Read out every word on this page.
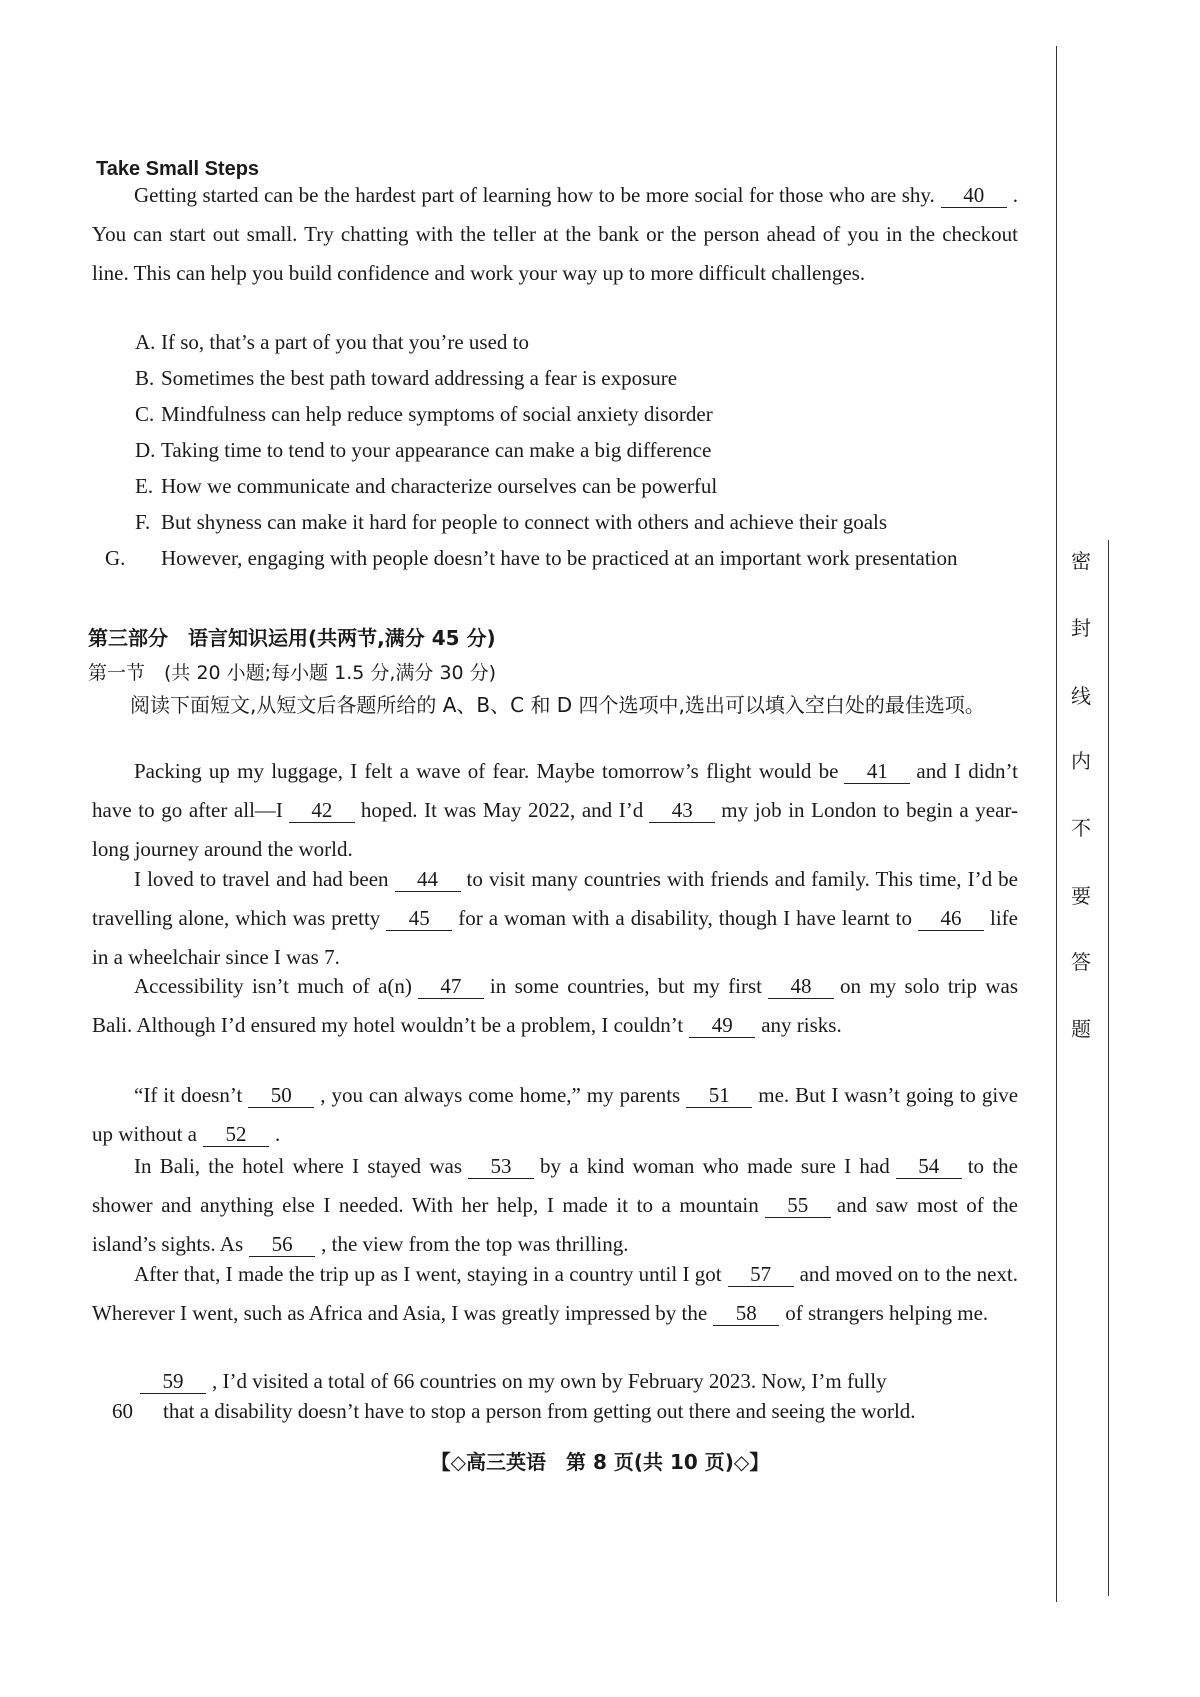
Take Small Steps

Getting started can be the hardest part of learning how to be more social for those who are shy. 40 . You can start out small. Try chatting with the teller at the bank or the person ahead of you in the checkout line. This can help you build confidence and work your way up to more difficult challenges.

A. If so, that’s a part of you that you’re used to

B. Sometimes the best path toward addressing a fear is exposure

C. Mindfulness can help reduce symptoms of social anxiety disorder

D. Taking time to tend to your appearance can make a big difference

E. How we communicate and characterize ourselves can be powerful

F. But shyness can make it hard for people to connect with others and achieve their goals

G. However, engaging with people doesn’t have to be practiced at an important work presentation

第三部分　语言知识运用(共两节,满分 45 分)
第一节　(共 20 小题;每小题 1.5 分,满分 30 分)

阅读下面短文,从短文后各题所给的 A、B、C 和 D 四个选项中,选出可以填入空白处的最佳选项。

Packing up my luggage, I felt a wave of fear. Maybe tomorrow’s flight would be 41 and I didn’t have to go after all—I 42 hoped. It was May 2022, and I’d 43 my job in London to begin a year-long journey around the world.

I loved to travel and had been 44 to visit many countries with friends and family. This time, I’d be travelling alone, which was pretty 45 for a woman with a disability, though I have learnt to 46 life in a wheelchair since I was 7.

Accessibility isn’t much of a(n) 47 in some countries, but my first 48 on my solo trip was Bali. Although I’d ensured my hotel wouldn’t be a problem, I couldn’t 49 any risks.

“If it doesn’t 50 , you can always come home,” my parents 51 me. But I wasn’t going to give up without a 52 .

In Bali, the hotel where I stayed was 53 by a kind woman who made sure I had 54 to the shower and anything else I needed. With her help, I made it to a mountain 55 and saw most of the island’s sights. As 56 , the view from the top was thrilling.

After that, I made the trip up as I went, staying in a country until I got 57 and moved on to the next. Wherever I went, such as Africa and Asia, I was greatly impressed by the 58 of strangers helping me.

59 , I’d visited a total of 66 countries on my own by February 2023. Now, I’m fully

60 that a disability doesn’t have to stop a person from getting out there and seeing the world.
密
封
线
内
不
要
答
题
【◇高三英语　第 8 页(共 10 页)◇】
